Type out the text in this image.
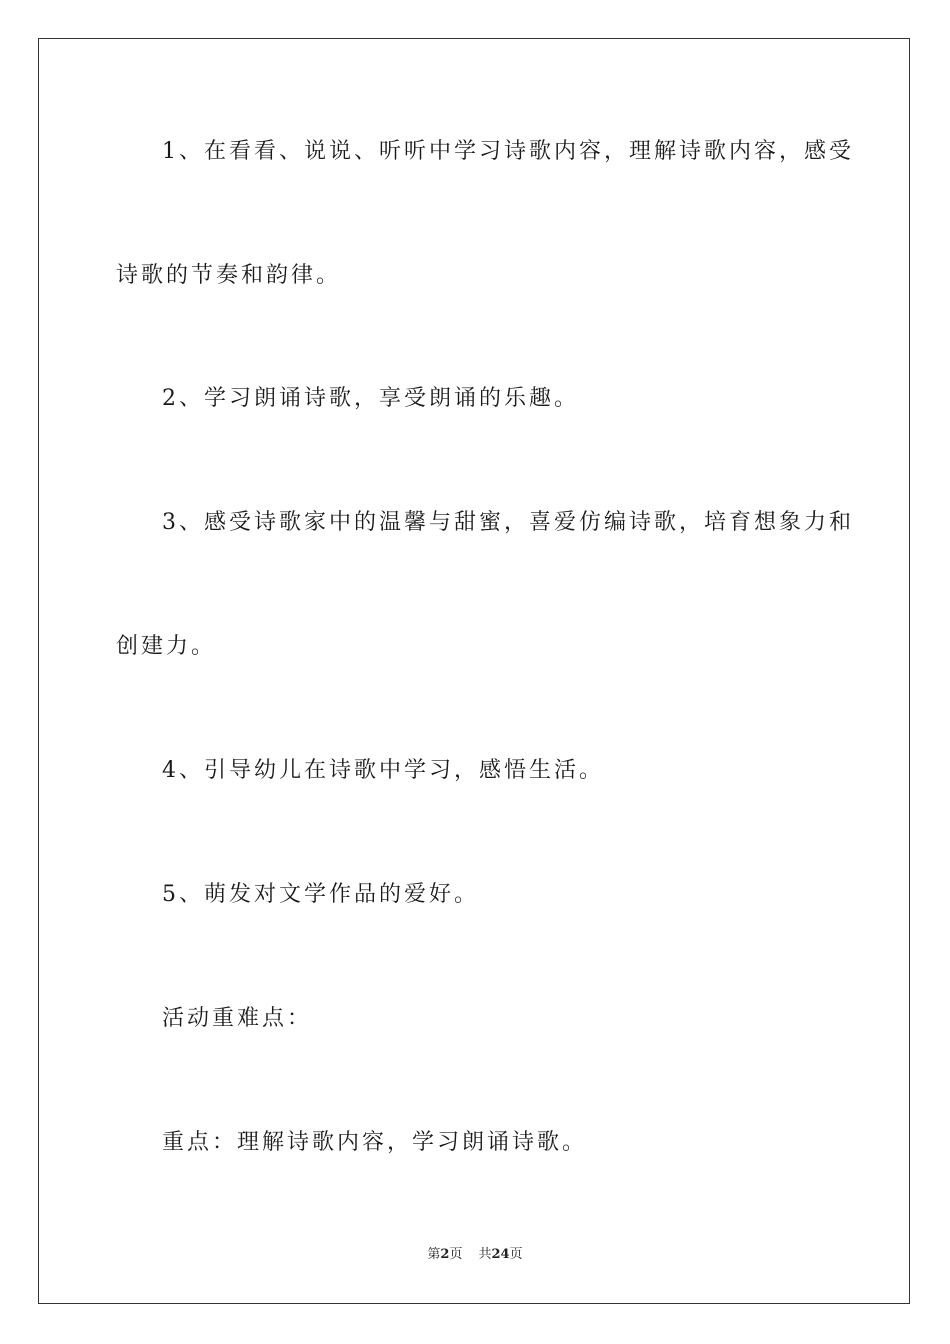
1、在看看、说说、听听中学习诗歌内容，理解诗歌内容，感受
诗歌的节奏和韵律。
2、学习朗诵诗歌，享受朗诵的乐趣。
3、感受诗歌家中的温馨与甜蜜，喜爱仿编诗歌，培育想象力和
创建力。
4、引导幼儿在诗歌中学习，感悟生活。
5、萌发对文学作品的爱好。
活动重难点：
重点：理解诗歌内容，学习朗诵诗歌。
第2页 共24页
